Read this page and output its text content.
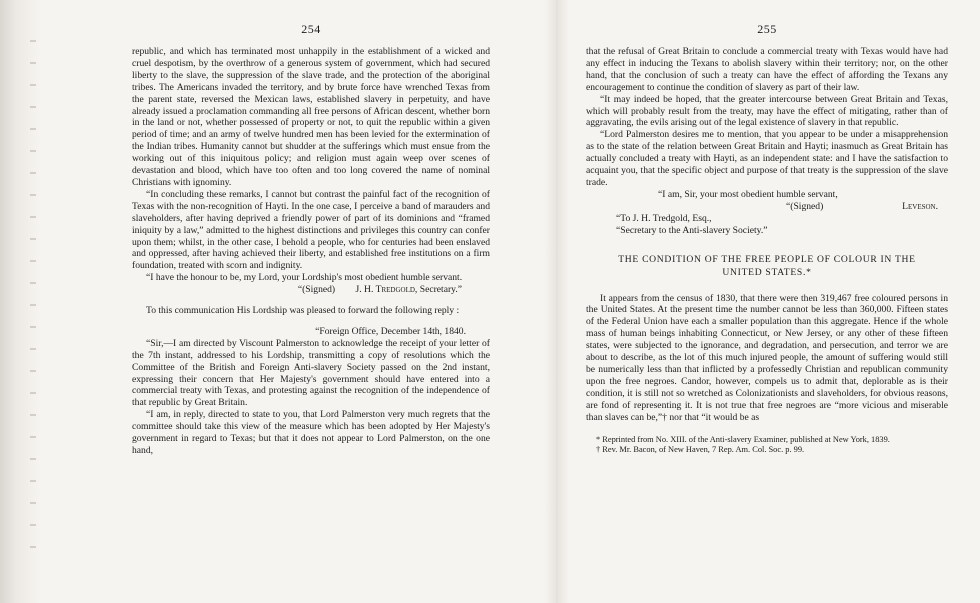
254

republic, and which has terminated most unhappily in the establishment of a wicked and cruel despotism, by the overthrow of a generous system of government, which had secured liberty to the slave, the suppression of the slave trade, and the protection of the aboriginal tribes. The Americans invaded the territory, and by brute force have wrenched Texas from the parent state, reversed the Mexican laws, established slavery in perpetuity, and have already issued a proclamation commanding all free persons of African descent, whether born in the land or not, whether possessed of property or not, to quit the republic within a given period of time; and an army of twelve hundred men has been levied for the extermination of the Indian tribes. Humanity cannot but shudder at the sufferings which must ensue from the working out of this iniquitous policy; and religion must again weep over scenes of devastation and blood, which have too often and too long covered the name of nominal Christians with ignominy.

“In concluding these remarks, I cannot but contrast the painful fact of the recognition of Texas with the non-recognition of Hayti. In the one case, I perceive a band of marauders and slaveholders, after having deprived a friendly power of part of its dominions and “framed iniquity by a law,” admitted to the highest distinctions and privileges this country can confer upon them; whilst, in the other case, I behold a people, who for centuries had been enslaved and oppressed, after having achieved their liberty, and established free institutions on a firm foundation, treated with scorn and indignity.

“I have the honour to be, my Lord, your Lordship's most obedient humble servant.

“(Signed) J. H. Tredgold, Secretary.”

To this communication His Lordship was pleased to forward the following reply :

“Foreign Office, December 14th, 1840.

“Sir,—I am directed by Viscount Palmerston to acknowledge the receipt of your letter of the 7th instant, addressed to his Lordship, transmitting a copy of resolutions which the Committee of the British and Foreign Anti-slavery Society passed on the 2nd instant, expressing their concern that Her Majesty's government should have entered into a commercial treaty with Texas, and protesting against the recognition of the independence of that republic by Great Britain.

“I am, in reply, directed to state to you, that Lord Palmerston very much regrets that the committee should take this view of the measure which has been adopted by Her Majesty's government in regard to Texas; but that it does not appear to Lord Palmerston, on the one hand,

255

that the refusal of Great Britain to conclude a commercial treaty with Texas would have had any effect in inducing the Texans to abolish slavery within their territory; nor, on the other hand, that the conclusion of such a treaty can have the effect of affording the Texans any encouragement to continue the condition of slavery as part of their law.

“It may indeed be hoped, that the greater intercourse between Great Britain and Texas, which will probably result from the treaty, may have the effect of mitigating, rather than of aggravating, the evils arising out of the legal existence of slavery in that republic.

“Lord Palmerston desires me to mention, that you appear to be under a misapprehension as to the state of the relation between Great Britain and Hayti; inasmuch as Great Britain has actually concluded a treaty with Hayti, as an independent state: and I have the satisfaction to acquaint you, that the specific object and purpose of that treaty is the suppression of the slave trade.

“I am, Sir, your most obedient humble servant,

“(Signed)	Leveson.

“To J. H. Tredgold, Esq.,

“Secretary to the Anti-slavery Society.”

THE CONDITION OF THE FREE PEOPLE OF COLOUR IN THE
UNITED STATES.*

It appears from the census of 1830, that there were then 319,467 free coloured persons in the United States. At the present time the number cannot be less than 360,000. Fifteen states of the Federal Union have each a smaller population than this aggregate. Hence if the whole mass of human beings inhabiting Connecticut, or New Jersey, or any other of these fifteen states, were subjected to the ignorance, and degradation, and persecution, and terror we are about to describe, as the lot of this much injured people, the amount of suffering would still be numerically less than that inflicted by a professedly Christian and republican community upon the free negroes. Candor, however, compels us to admit that, deplorable as is their condition, it is still not so wretched as Colonizationists and slaveholders, for obvious reasons, are fond of representing it. It is not true that free negroes are “more vicious and miserable than slaves can be,”† nor that “it would be as

* Reprinted from No. XIII. of the Anti-slavery Examiner, published at New York, 1839.

† Rev. Mr. Bacon, of New Haven, 7 Rep. Am. Col. Soc. p. 99.
